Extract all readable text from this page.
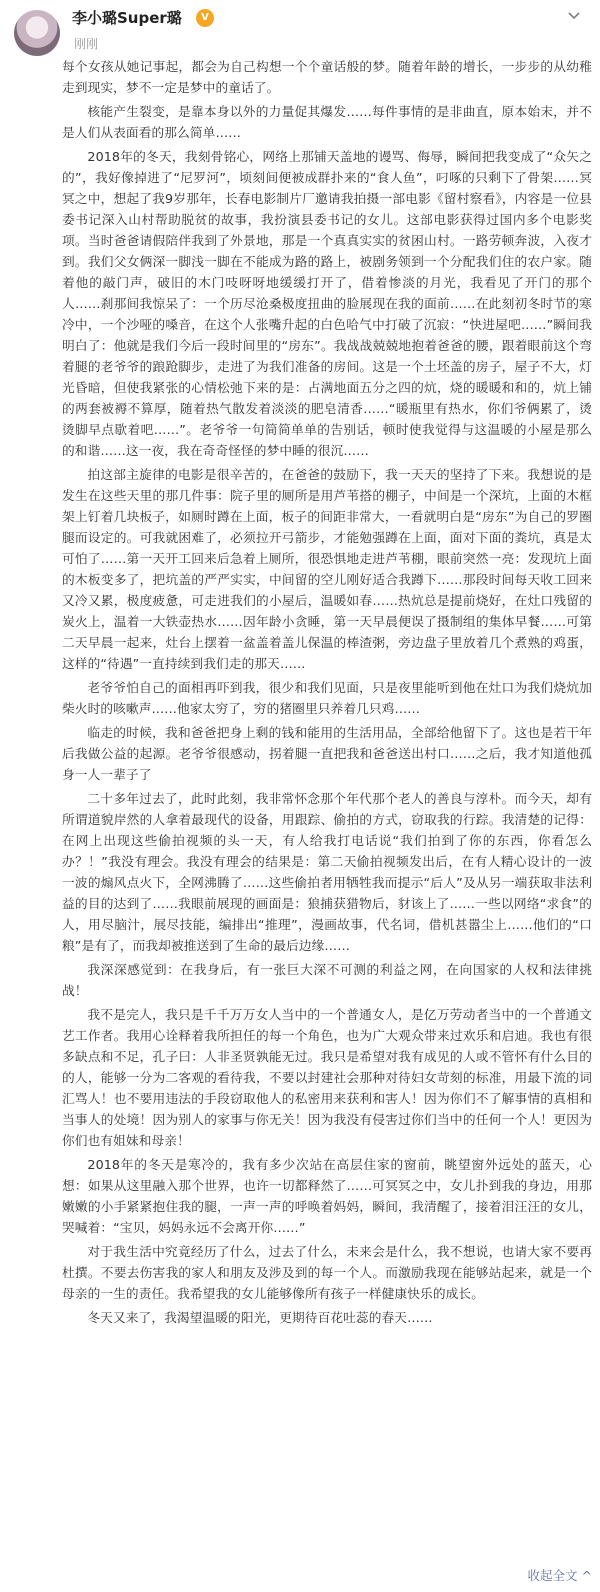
李小璐Super璐	V
刚刚

每个女孩从她记事起，都会为自己构想一个个童话般的梦。随着年龄的增长，一步步的从幼稚走到现实，梦不一定是梦中的童话了。

核能产生裂变，是靠本身以外的力量促其爆发……每件事情的是非曲直，原本始末，并不是人们从表面看的那么简单……

2018年的冬天，我刻骨铭心，网络上那铺天盖地的谩骂、侮辱，瞬间把我变成了“众矢之的”，我好像掉进了“尼罗河”，顷刻间便被成群扑来的“食人鱼”，叼啄的只剩下了骨架……冥冥之中，想起了我9岁那年，长春电影制片厂邀请我拍摄一部电影《留村察看》，内容是一位县委书记深入山村帮助脱贫的故事，我扮演县委书记的女儿。这部电影获得过国内多个电影奖项。当时爸爸请假陪伴我到了外景地，那是一个真真实实的贫困山村。一路劳顿奔波，入夜才到。我们父女俩深一脚浅一脚在不能成为路的路上，被剧务领到一个分配我们住的农户家。随着他的敲门声，破旧的木门吱呀呀地缓缓打开了，借着惨淡的月光，我看见了开门的那个人……刹那间我惊呆了：一个历尽沧桑极度扭曲的脸展现在我的面前……在此刻初冬时节的寒冷中，一个沙哑的嗓音，在这个人张嘴升起的白色哈气中打破了沉寂：“快进屋吧……”瞬间我明白了：他就是我们今后一段时间里的“房东”。我战战兢兢地抱着爸爸的腰，跟着眼前这个弯着腿的老爷爷的踉跄脚步，走进了为我们准备的房间。这是一个土坯盖的房子，屋子不大，灯光昏暗，但使我紧张的心情松弛下来的是：占满地面五分之四的炕，烧的暖暖和和的，炕上铺的两套被褥不算厚，随着热气散发着淡淡的肥皂清香……“暖瓶里有热水，你们爷俩累了，烫烫脚早点歇着吧……”。老爷爷一句简简单单的告别话，顿时使我觉得与这温暖的小屋是那么的和谐……这一夜，我在奇奇怪怪的梦中睡的很沉……

拍这部主旋律的电影是很辛苦的，在爸爸的鼓励下，我一天天的坚持了下来。我想说的是发生在这些天里的那几件事：院子里的厕所是用芦苇搭的棚子，中间是一个深坑，上面的木框架上钉着几块板子，如厕时蹲在上面，板子的间距非常大，一看就明白是“房东”为自己的罗圈腿而设定的。可我就困难了，必须拉开弓箭步，才能勉强蹲在上面，面对下面的粪坑，真是太可怕了……第一天开工回来后急着上厕所，很恐惧地走进芦苇棚，眼前突然一亮：发现坑上面的木板变多了，把坑盖的严严实实，中间留的空儿刚好适合我蹲下……那段时间每天收工回来又冷又累，极度疲惫，可走进我们的小屋后，温暖如春……热炕总是提前烧好，在灶口残留的炭火上，温着一大铁壶热水……因年龄小贪睡，第一天早晨便误了摄制组的集体早餐……可第二天早晨一起来，灶台上摆着一盆盖着盖儿保温的棒渣粥，旁边盘子里放着几个煮熟的鸡蛋，这样的“待遇”一直持续到我们走的那天……

老爷爷怕自己的面相再吓到我，很少和我们见面，只是夜里能听到他在灶口为我们烧炕加柴火时的咳嗽声……他家太穷了，穷的猪圈里只养着几只鸡……

临走的时候，我和爸爸把身上剩的钱和能用的生活用品，全部给他留下了。这也是若干年后我做公益的起源。老爷爷很感动，拐着腿一直把我和爸爸送出村口……之后，我才知道他孤身一人一辈子了

二十多年过去了，此时此刻，我非常怀念那个年代那个老人的善良与淳朴。而今天，却有所谓道貌岸然的人拿着最现代的设备，用跟踪、偷拍的方式，窃取我的行踪。我清楚的记得：在网上出现这些偷拍视频的头一天，有人给我打电话说“我们拍到了你的东西，你看怎么办？！”我没有理会。我没有理会的结果是：第二天偷拍视频发出后，在有人精心设计的一波一波的煽风点火下，全网沸腾了……这些偷拍者用牺牲我而提示“后人”及从另一端获取非法利益的目的达到了……我眼前展现的画面是：狼捕获猎物后，豺该上了……一些以网络“求食”的人，用尽脑汁，展尽技能，编排出“推理”，漫画故事，代名词，借机甚嚣尘上……他们的“口粮”是有了，而我却被推送到了生命的最后边缘……

我深深感觉到：在我身后，有一张巨大深不可测的利益之网，在向国家的人权和法律挑战！

我不是完人，我只是千千万万女人当中的一个普通女人，是亿万劳动者当中的一个普通文艺工作者。我用心诠释着我所担任的每一个角色，也为广大观众带来过欢乐和启迪。我也有很多缺点和不足，孔子曰：人非圣贤孰能无过。我只是希望对我有成见的人或不管怀有什么目的的人，能够一分为二客观的看待我，不要以封建社会那种对待妇女苛刻的标准，用最下流的词汇骂人！也不要用违法的手段窃取他人的私密用来获利和害人！因为你们不了解事情的真相和当事人的处境！因为别人的家事与你无关！因为我没有侵害过你们当中的任何一个人！更因为你们也有姐妹和母亲！

2018年的冬天是寒冷的，我有多少次站在高层住家的窗前，眺望窗外远处的蓝天，心想：如果从这里融入那个世界，也许一切都释然了……可冥冥之中，女儿扑到我的身边，用那嫩嫩的小手紧紧抱住我的腿，一声一声的呼唤着妈妈，瞬间，我清醒了，接着泪汪汪的女儿，哭喊着：“宝贝，妈妈永远不会离开你……”

对于我生活中究竟经历了什么，过去了什么，未来会是什么，我不想说，也请大家不要再杜撰。不要去伤害我的家人和朋友及涉及到的每一个人。而激励我现在能够站起来，就是一个母亲的一生的责任。我希望我的女儿能够像所有孩子一样健康快乐的成长。

冬天又来了，我渴望温暖的阳光，更期待百花吐蕊的春天……

收起全文 ^
